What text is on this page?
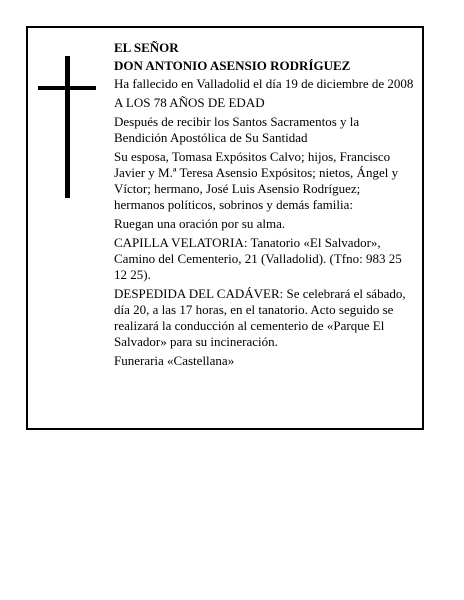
EL SEÑOR

DON ANTONIO ASENSIO RODRÍGUEZ

Ha fallecido en Valladolid el día 19 de diciembre de 2008

A LOS 78 AÑOS DE EDAD

Después de recibir los Santos Sacramentos y la Bendición Apostólica de Su Santidad

Su esposa, Tomasa Expósitos Calvo; hijos, Francisco Javier y M.ª Teresa Asensio Expósitos; nietos, Ángel y Víctor; hermano, José Luis Asensio Rodríguez; hermanos políticos, sobrinos y demás familia:

Ruegan una oración por su alma.

CAPILLA VELATORIA: Tanatorio «El Salvador», Camino del Cementerio, 21 (Valladolid). (Tfno: 983 25 12 25).

DESPEDIDA DEL CADÁVER: Se celebrará el sábado, día 20, a las 17 horas, en el tanatorio. Acto seguido se realizará la conducción al cementerio de «Parque El Salvador» para su incineración.

Funeraria «Castellana»
